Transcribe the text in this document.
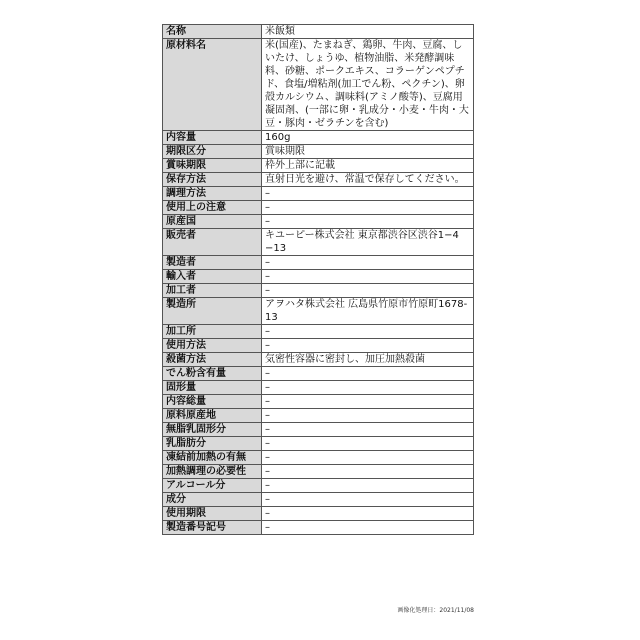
名称	米飯類
原材料名	米(国産)、たまねぎ、鶏卵、牛肉、豆腐、しいたけ、しょうゆ、植物油脂、米発酵調味料、砂糖、ポークエキス、コラーゲンペプチド、食塩/増粘剤(加工でん粉、ペクチン)、卵殻カルシウム、調味料(アミノ酸等)、豆腐用凝固剤、(一部に卵・乳成分・小麦・牛肉・大豆・豚肉・ゼラチンを含む)
内容量	160g
期限区分	賞味期限
賞味期限	枠外上部に記載
保存方法	直射日光を避け、常温で保存してください。
調理方法	–
使用上の注意	–
原産国	–
販売者	キユーピー株式会社 東京都渋谷区渋谷1−4−13
製造者	–
輸入者	–
加工者	–
製造所	アヲハタ株式会社 広島県竹原市竹原町1678-13
加工所	–
使用方法	–
殺菌方法	気密性容器に密封し、加圧加熱殺菌
でん粉含有量	–
固形量	–
内容総量	–
原料原産地	–
無脂乳固形分	–
乳脂肪分	–
凍結前加熱の有無	–
加熱調理の必要性	–
アルコール分	–
成分	–
使用期限	–
製造番号記号	–
画像化処理日：2021/11/08
